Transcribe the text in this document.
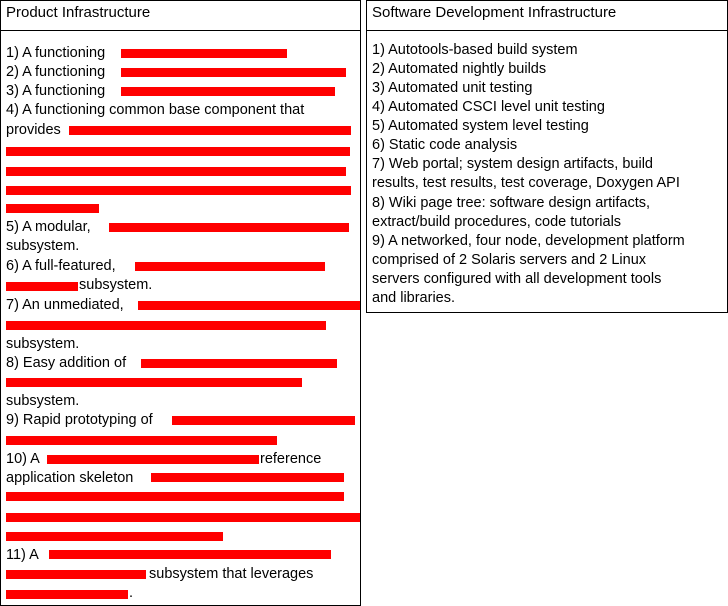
Product Infrastructure
1) A functioning
2) A functioning
3) A functioning
4) A functioning common base component that
provides
5) A modular,
subsystem.
6) A full-featured,
subsystem.
7) An unmediated,
subsystem.
8) Easy addition of
subsystem.
9) Rapid prototyping of
10) A	reference
application skeleton
11) A
subsystem that leverages
.
Software Development Infrastructure
1) Autotools-based build system
2) Automated nightly builds
3) Automated unit testing
4) Automated CSCI level unit testing
5) Automated system level testing
6) Static code analysis
7) Web portal; system design artifacts, build
results, test results, test coverage, Doxygen API
8) Wiki page tree: software design artifacts,
extract/build procedures, code tutorials
9) A networked, four node, development platform
comprised of 2 Solaris servers and 2 Linux
servers configured with all development tools
and libraries.
